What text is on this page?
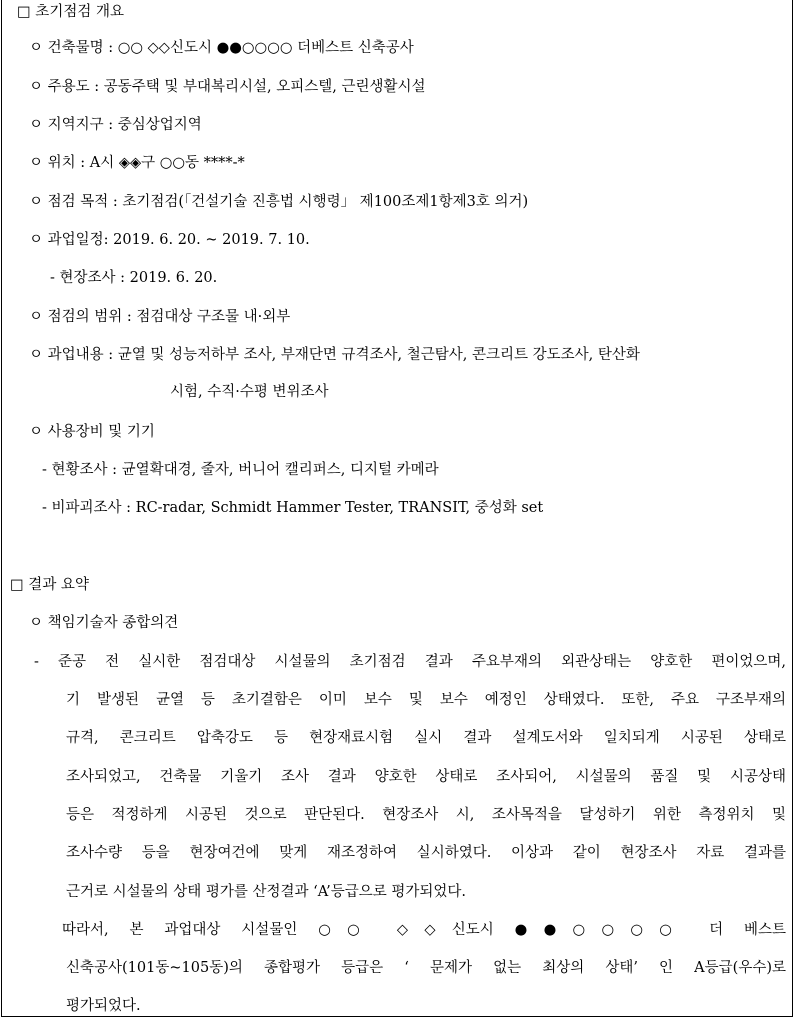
□ 초기점검 개요
ㅇ 건축물명 : ○○ ◇◇신도시 ●●○○○○ 더베스트 신축공사
ㅇ 주용도 : 공동주택 및 부대복리시설, 오피스텔, 근린생활시설
ㅇ 지역지구 : 중심상업지역
ㅇ 위치 : A시 ◈◈구 ○○동 ****-*
ㅇ 점검 목적 : 초기점검(「건설기술 진흥법 시행령」 제100조제1항제3호 의거)
ㅇ 과업일정: 2019. 6. 20. ~ 2019. 7. 10.
- 현장조사 : 2019. 6. 20.
ㅇ 점검의 범위 : 점검대상 구조물 내·외부
ㅇ 과업내용 : 균열 및 성능저하부 조사, 부재단면 규격조사, 철근탐사, 콘크리트 강도조사, 탄산화
시험, 수직·수평 변위조사
ㅇ 사용장비 및 기기
- 현황조사 : 균열확대경, 줄자, 버니어 캘리퍼스, 디지털 카메라
- 비파괴조사 : RC-radar, Schmidt Hammer Tester, TRANSIT, 중성화 set
□ 결과 요약
ㅇ 책임기술자 종합의견
- 준공 전 실시한 점검대상 시설물의 초기점검 결과 주요부재의 외관상태는 양호한 편이었으며,
기 발생된 균열 등 초기결함은 이미 보수 및 보수 예정인 상태였다. 또한, 주요 구조부재의
규격, 콘크리트 압축강도 등 현장재료시험 실시 결과 설계도서와 일치되게 시공된 상태로
조사되었고, 건축물 기울기 조사 결과 양호한 상태로 조사되어, 시설물의 품질 및 시공상태
등은 적정하게 시공된 것으로 판단된다. 현장조사 시, 조사목적을 달성하기 위한 측정위치 및
조사수량 등을 현장여건에 맞게 재조정하여 실시하였다. 이상과 같이 현장조사 자료 결과를
근거로 시설물의 상태 평가를 산정결과 ‘A’등급으로 평가되었다.
따라서, 본 과업대상 시설물인 ○○ ◇◇신도시 ●●○○○○ 더 베스트
신축공사(101동~105동)의 종합평가 등급은 ‘ 문제가 없는 최상의 상태’ 인 A등급(우수)로
평가되었다.
